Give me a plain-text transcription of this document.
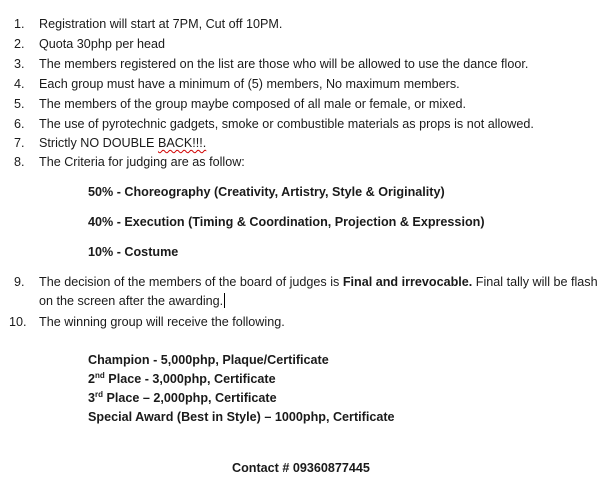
1. Registration will start at 7PM, Cut off 10PM.
2. Quota 30php per head
3. The members registered on the list are those who will be allowed to use the dance floor.
4. Each group must have a minimum of (5) members, No maximum members.
5. The members of the group maybe composed of all male or female, or mixed.
6. The use of pyrotechnic gadgets, smoke or combustible materials as props is not allowed.
7. Strictly NO DOUBLE BACK!!!.
8. The Criteria for judging are as follow:
50% - Choreography (Creativity, Artistry, Style & Originality)
40% - Execution (Timing & Coordination, Projection & Expression)
10% - Costume
9. The decision of the members of the board of judges is Final and irrevocable. Final tally will be flash on the screen after the awarding.
10. The winning group will receive the following.
Champion - 5,000php, Plaque/Certificate
2nd Place - 3,000php, Certificate
3rd Place – 2,000php, Certificate
Special Award (Best in Style) – 1000php, Certificate
Contact # 09360877445
